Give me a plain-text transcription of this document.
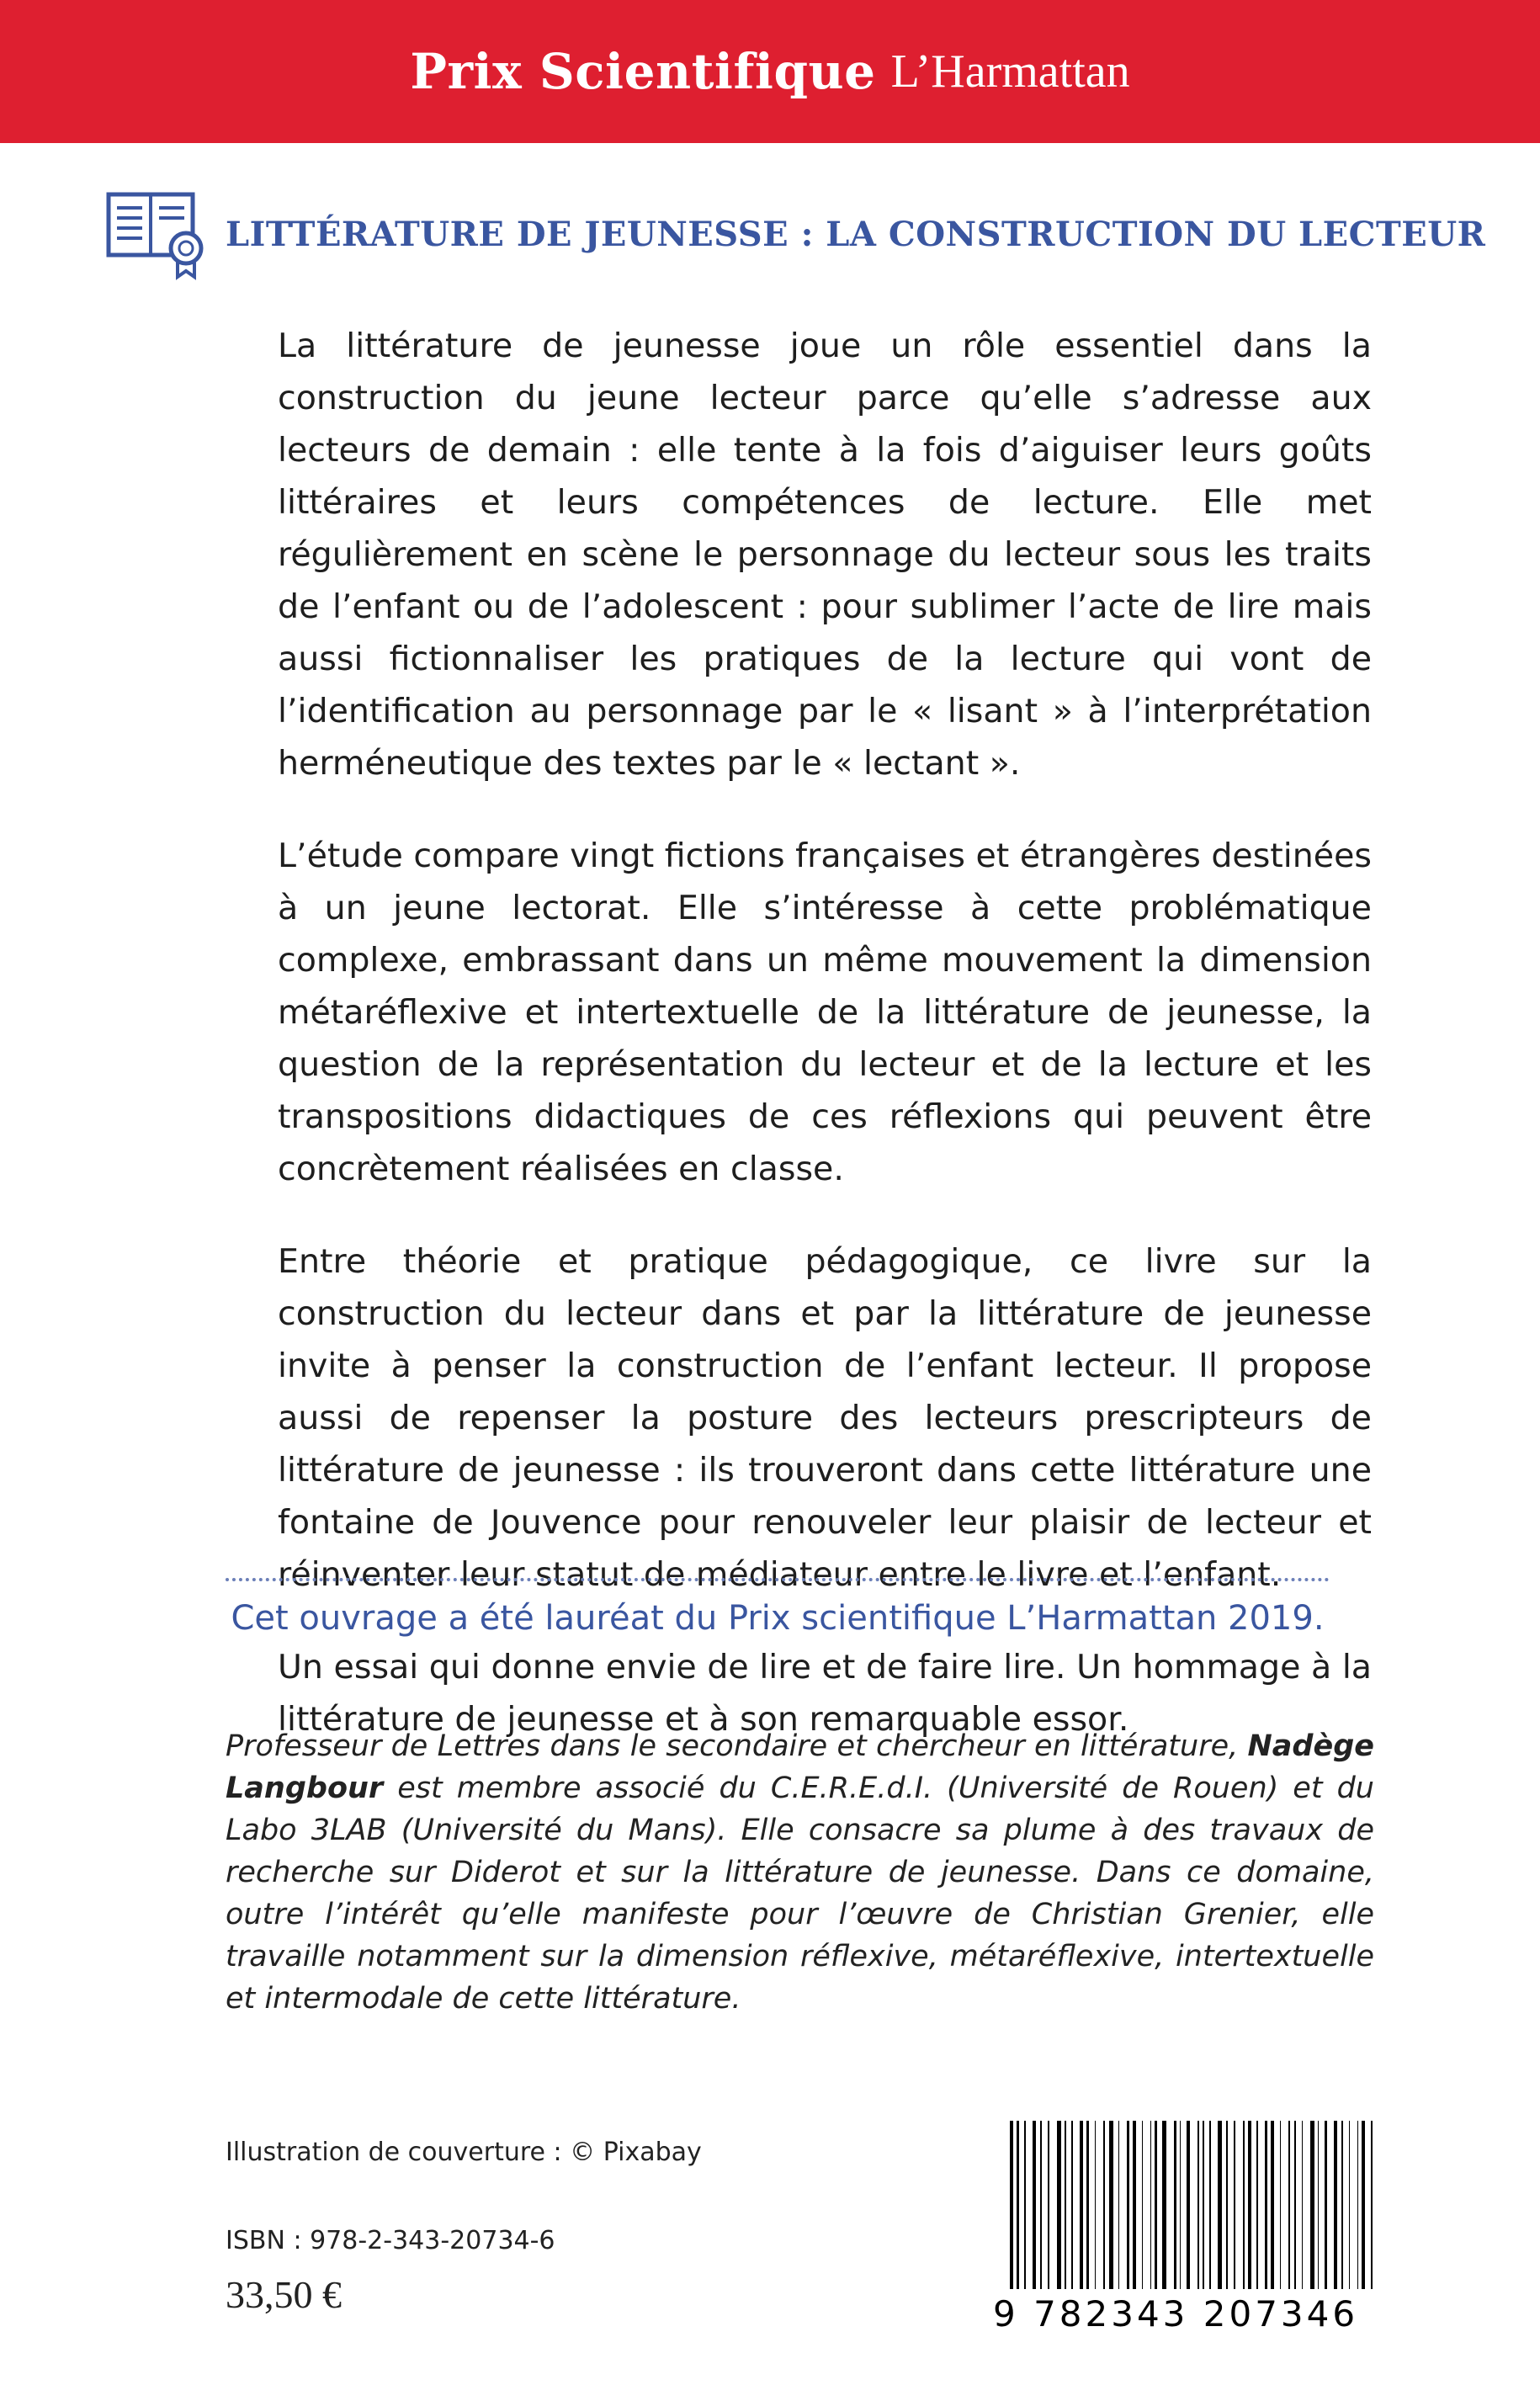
Prix Scientifique L’Harmattan
LITTÉRATURE DE JEUNESSE : LA CONSTRUCTION DU LECTEUR

La littérature de jeunesse joue un rôle essentiel dans la construction du jeune lecteur parce qu’elle s’adresse aux lecteurs de demain : elle tente à la fois d’aiguiser leurs goûts littéraires et leurs compétences de lecture. Elle met régulièrement en scène le personnage du lecteur sous les traits de l’enfant ou de l’adolescent : pour sublimer l’acte de lire mais aussi fictionnaliser les pratiques de la lecture qui vont de l’identification au personnage par le « lisant » à l’interprétation herméneutique des textes par le « lectant ».

L’étude compare vingt fictions françaises et étrangères destinées à un jeune lectorat. Elle s’intéresse à cette problématique complexe, embrassant dans un même mouvement la dimension métaréflexive et intertextuelle de la littérature de jeunesse, la question de la représentation du lecteur et de la lecture et les transpositions didactiques de ces réflexions qui peuvent être concrètement réalisées en classe.

Entre théorie et pratique pédagogique, ce livre sur la construction du lecteur dans et par la littérature de jeunesse invite à penser la construction de l’enfant lecteur. Il propose aussi de repenser la posture des lecteurs prescripteurs de littérature de jeunesse : ils trouveront dans cette littérature une fontaine de Jouvence pour renouveler leur plaisir de lecteur et réinventer leur statut de médiateur entre le livre et l’enfant.

Un essai qui donne envie de lire et de faire lire. Un hommage à la littérature de jeunesse et à son remarquable essor.

Cet ouvrage a été lauréat du Prix scientifique L’Harmattan 2019.
Professeur de Lettres dans le secondaire et chercheur en littérature, Nadège Langbour est membre associé du C.E.R.E.d.I. (Université de Rouen) et du Labo 3LAB (Université du Mans). Elle consacre sa plume à des travaux de recherche sur Diderot et sur la littérature de jeunesse. Dans ce domaine, outre l’intérêt qu’elle manifeste pour l’œuvre de Christian Grenier, elle travaille notamment sur la dimension réflexive, métaréflexive, intertextuelle et intermodale de cette littérature.
Illustration de couverture : © Pixabay
ISBN : 978-2-343-20734-6
33,50 €	9 782343 207346
